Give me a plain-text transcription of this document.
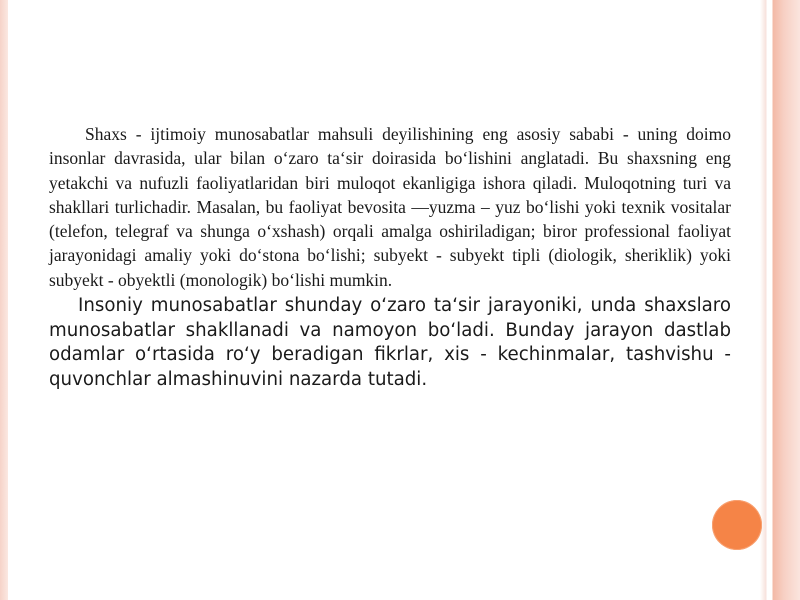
Shaxs - ijtimoiy munosabatlar mahsuli deyilishining eng asosiy sababi - uning doimo insonlar davrasida, ular bilan o‘zaro ta‘sir doirasida bo‘lishini anglatadi. Bu shaxsning eng yetakchi va nufuzli faoliyatlaridan biri muloqot ekanligiga ishora qiladi. Muloqotning turi va shakllari turlichadir. Masalan, bu faoliyat bevosita —yuzma – yuz bo‘lishi yoki texnik vositalar (telefon, telegraf va shunga o‘xshash) orqali amalga oshiriladigan; biror professional faoliyat jarayonidagi amaliy yoki do‘stona bo‘lishi; subyekt - subyekt tipli (diologik, sheriklik) yoki subyekt - obyektli (monologik) bo‘lishi mumkin.

Insoniy munosabatlar shunday o‘zaro ta‘sir jarayoniki, unda shaxslaro munosabatlar shakllanadi va namoyon bo‘ladi. Bunday jarayon dastlab odamlar o‘rtasida ro‘y beradigan fikrlar, xis - kechinmalar, tashvishu - quvonchlar almashinuvini nazarda tutadi.
